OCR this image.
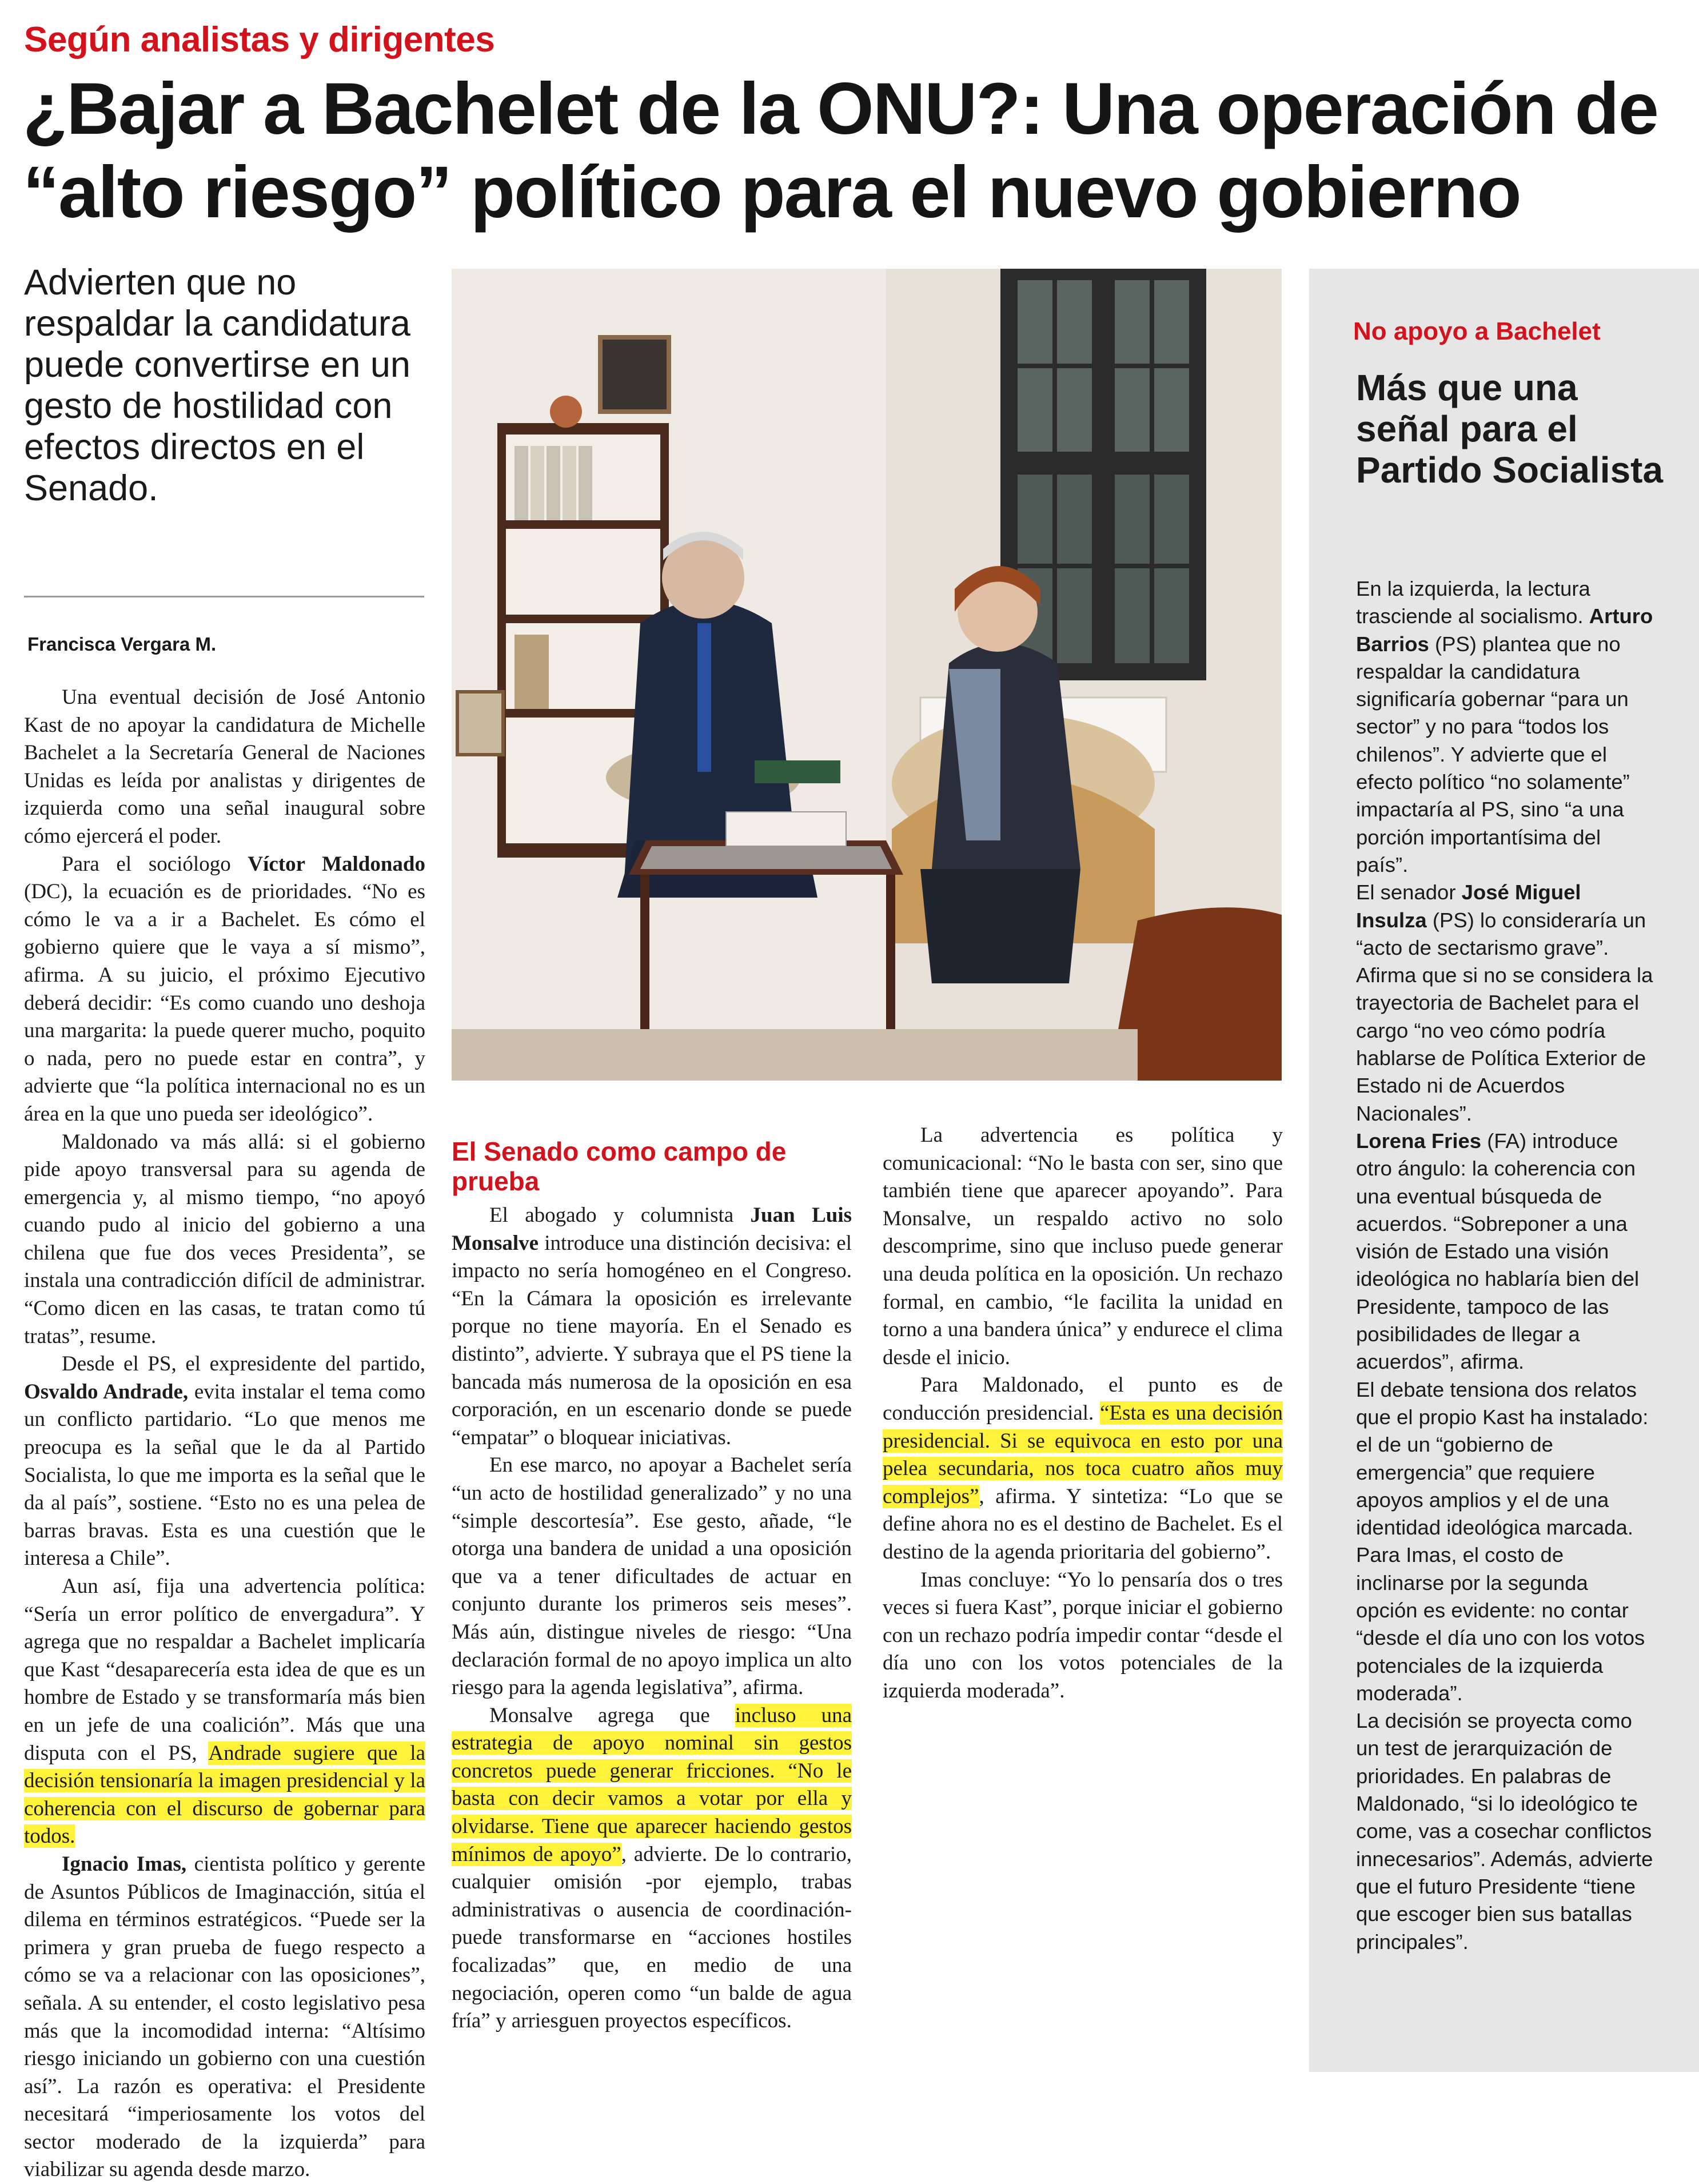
Según analistas y dirigentes
¿Bajar a Bachelet de la ONU?: Una operación de “alto riesgo” político para el nuevo gobierno
Advierten que no respaldar la candidatura puede convertirse en un gesto de hostilidad con efectos directos en el Senado.
Francisca Vergara M.

Una eventual decisión de José Antonio Kast de no apoyar la candidatura de Michelle Bachelet a la Secretaría General de Naciones Unidas es leída por analistas y dirigentes de izquierda como una señal inaugural sobre cómo ejercerá el poder.

Para el sociólogo Víctor Maldonado (DC), la ecuación es de prioridades. “No es cómo le va a ir a Bachelet. Es cómo el gobierno quiere que le vaya a sí mismo”, afirma. A su juicio, el próximo Ejecutivo deberá decidir: “Es como cuando uno deshoja una margarita: la puede querer mucho, poquito o nada, pero no puede estar en contra”, y advierte que “la política internacional no es un área en la que uno pueda ser ideológico”.

Maldonado va más allá: si el gobierno pide apoyo transversal para su agenda de emergencia y, al mismo tiempo, “no apoyó cuando pudo al inicio del gobierno a una chilena que fue dos veces Presidenta”, se instala una contradicción difícil de administrar. “Como dicen en las casas, te tratan como tú tratas”, resume.

Desde el PS, el expresidente del partido, Osvaldo Andrade, evita instalar el tema como un conflicto partidario. “Lo que menos me preocupa es la señal que le da al Partido Socialista, lo que me importa es la señal que le da al país”, sostiene. “Esto no es una pelea de barras bravas. Esta es una cuestión que le interesa a Chile”.

Aun así, fija una advertencia política: “Sería un error político de envergadura”. Y agrega que no respaldar a Bachelet implicaría que Kast “desaparecería esta idea de que es un hombre de Estado y se transformaría más bien en un jefe de una coalición”. Más que una disputa con el PS, Andrade sugiere que la decisión tensionaría la imagen presidencial y la coherencia con el discurso de gobernar para todos.

Ignacio Imas, cientista político y gerente de Asuntos Públicos de Imaginacción, sitúa el dilema en términos estratégicos. “Puede ser la primera y gran prueba de fuego respecto a cómo se va a relacionar con las oposiciones”, señala. A su entender, el costo legislativo pesa más que la incomodidad interna: “Altísimo riesgo iniciando un gobierno con una cuestión así”. La razón es operativa: el Presidente necesitará “imperiosamente los votos del sector moderado de la izquierda” para viabilizar su agenda desde marzo.

El Senado como campo de prueba

El abogado y columnista Juan Luis Monsalve introduce una distinción decisiva: el impacto no sería homogéneo en el Congreso. “En la Cámara la oposición es irrelevante porque no tiene mayoría. En el Senado es distinto”, advierte. Y subraya que el PS tiene la bancada más numerosa de la oposición en esa corporación, en un escenario donde se puede “empatar” o bloquear iniciativas.

En ese marco, no apoyar a Bachelet sería “un acto de hostilidad generalizado” y no una “simple descortesía”. Ese gesto, añade, “le otorga una bandera de unidad a una oposición que va a tener dificultades de actuar en conjunto durante los primeros seis meses”. Más aún, distingue niveles de riesgo: “Una declaración formal de no apoyo implica un alto riesgo para la agenda legislativa”, afirma.

Monsalve agrega que incluso una estrategia de apoyo nominal sin gestos concretos puede generar fricciones. “No le basta con decir vamos a votar por ella y olvidarse. Tiene que aparecer haciendo gestos mínimos de apoyo”, advierte. De lo contrario, cualquier omisión -por ejemplo, trabas administrativas o ausencia de coordinación- puede transformarse en “acciones hostiles focalizadas” que, en medio de una negociación, operen como “un balde de agua fría” y arriesguen proyectos específicos.

La advertencia es política y comunicacional: “No le basta con ser, sino que también tiene que aparecer apoyando”. Para Monsalve, un respaldo activo no solo descomprime, sino que incluso puede generar una deuda política en la oposición. Un rechazo formal, en cambio, “le facilita la unidad en torno a una bandera única” y endurece el clima desde el inicio.

Para Maldonado, el punto es de conducción presidencial. “Esta es una decisión presidencial. Si se equivoca en esto por una pelea secundaria, nos toca cuatro años muy complejos”, afirma. Y sintetiza: “Lo que se define ahora no es el destino de Bachelet. Es el destino de la agenda prioritaria del gobierno”.

Imas concluye: “Yo lo pensaría dos o tres veces si fuera Kast”, porque iniciar el gobierno con un rechazo podría impedir contar “desde el día uno con los votos potenciales de la izquierda moderada”.

No apoyo a Bachelet
Más que una señal para el Partido Socialista
En la izquierda, la lectura trasciende al socialismo. Arturo Barrios (PS) plantea que no respaldar la candidatura significaría gobernar “para un sector” y no para “todos los chilenos”. Y advierte que el efecto político “no solamente” impactaría al PS, sino “a una porción importantísima del país”.
El senador José Miguel Insulza (PS) lo consideraría un “acto de sectarismo grave”. Afirma que si no se considera la trayectoria de Bachelet para el cargo “no veo cómo podría hablarse de Política Exterior de Estado ni de Acuerdos Nacionales”.
Lorena Fries (FA) introduce otro ángulo: la coherencia con una eventual búsqueda de acuerdos. “Sobreponer a una visión de Estado una visión ideológica no hablaría bien del Presidente, tampoco de las posibilidades de llegar a acuerdos”, afirma.
El debate tensiona dos relatos que el propio Kast ha instalado: el de un “gobierno de emergencia” que requiere apoyos amplios y el de una identidad ideológica marcada. Para Imas, el costo de inclinarse por la segunda opción es evidente: no contar “desde el día uno con los votos potenciales de la izquierda moderada”.
La decisión se proyecta como un test de jerarquización de prioridades. En palabras de Maldonado, “si lo ideológico te come, vas a cosechar conflictos innecesarios”. Además, advierte que el futuro Presidente “tiene que escoger bien sus batallas principales”.
